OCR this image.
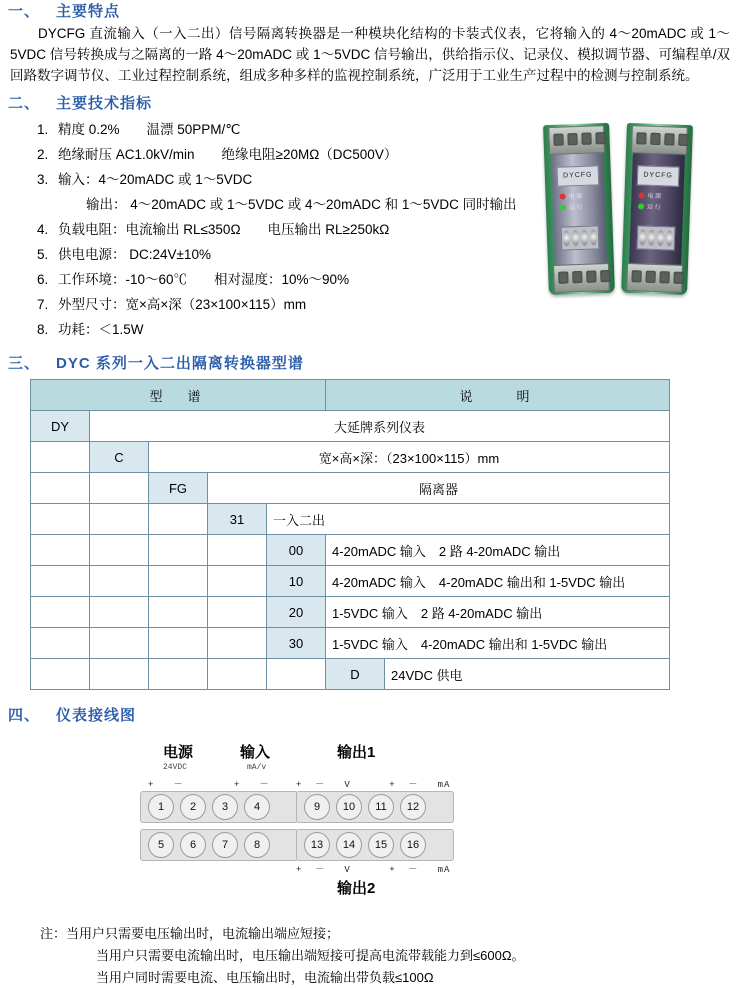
一、 主要特点
DYCFG 直流输入（一入二出）信号隔离转换器是一种模块化结构的卡装式仪表，它将输入的 4～20mADC 或 1～5VDC 信号转换成与之隔离的一路 4～20mADC 或 1～5VDC 信号输出，供给指示仪、记录仪、模拟调节器、可编程单/双回路数字调节仪、工业过程控制系统，组成多种多样的监视控制系统，广泛用于工业生产过程中的检测与控制系统。
二、 主要技术指标
1. 精度 0.2%　　温漂 50PPM/℃
2. 绝缘耐压 AC1.0kV/min　　绝缘电阻≥20MΩ（DC500V）
3. 输入：4～20mADC 或 1～5VDC
输出： 4～20mADC 或 1～5VDC 或 4～20mADC 和 1～5VDC 同时输出
4. 负载电阻：电流输出 RL≤350Ω　　电压输出 RL≥250kΩ
5. 供电电源： DC:24V±10%
6. 工作环境：-10～60℃　　相对湿度：10%～90%
7. 外型尺寸：宽×高×深（23×100×115）mm
8. 功耗：＜1.5W
DYCFG
电 源
运 行
DYCFG
电 源
运 行
三、 DYC 系列一入二出隔离转换器型谱
型　谱					说　　明	
DY	大延牌系列仪表					
	C	宽×高×深：（23×100×115）mm				
		FG	隔离器			
			31	一入二出		
				00	4-20mADC 输入　2 路 4-20mADC 输出	
				10	4-20mADC 输入　4-20mADC 输出和 1-5VDC 输出	
				20	1-5VDC 输入　2 路 4-20mADC 输出	
				30	1-5VDC 输入　4-20mADC 输出和 1-5VDC 输出	
					D	24VDC 供电
四、 仪表接线图
电源	输入	输出1
24VDC	mA/v
+   －	+   －	+  －   V      +  －   mA
1	2	3	4	9	10	11	12
5	6	7	8	13	14	15	16
+  －   V      +  －   mA
输出2
注：当用户只需要电压输出时，电流输出端应短接；
当用户只需要电流输出时，电压输出端短接可提高电流带载能力到≤600Ω。
当用户同时需要电流、电压输出时，电流输出带负载≤100Ω
